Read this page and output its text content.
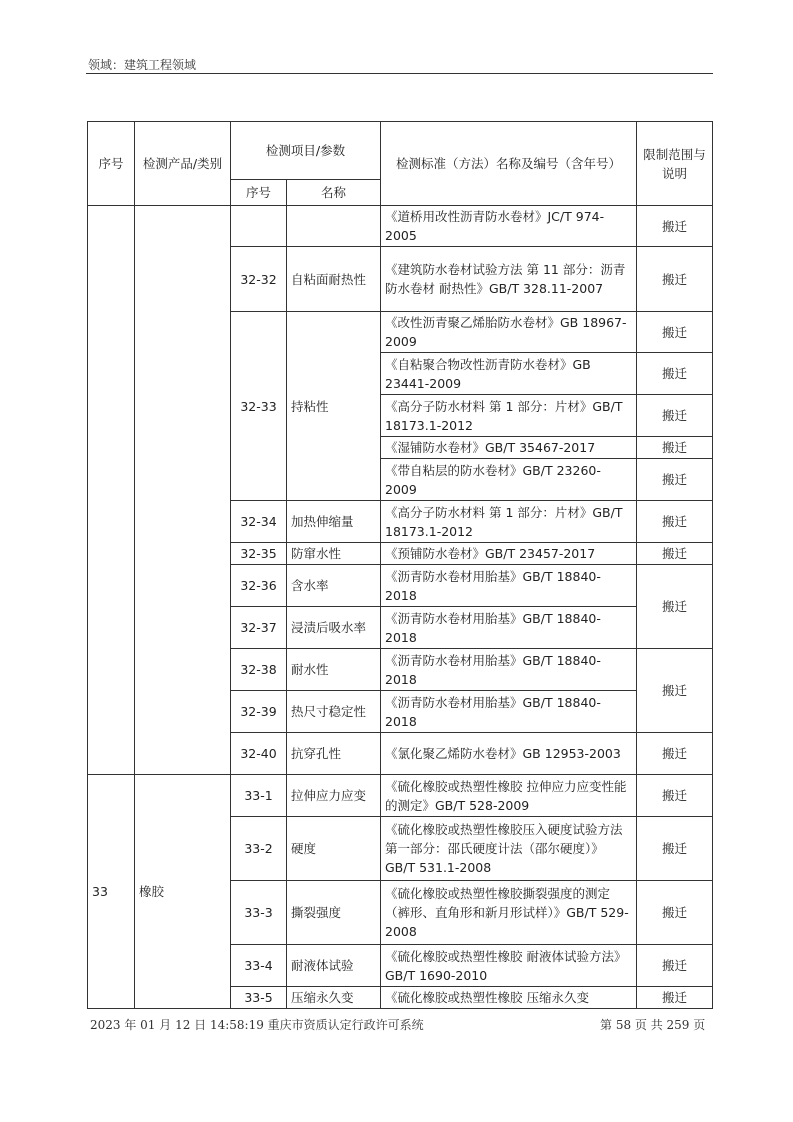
领域：建筑工程领域
序号	检测产品/类别	检测项目/参数		检测标准（方法）名称及编号（含年号）	限制范围与说明
		序号	名称		
				《道桥用改性沥青防水卷材》JC/T 974-2005	搬迁
		32-32	自粘面耐热性	《建筑防水卷材试验方法 第 11 部分：沥青防水卷材 耐热性》GB/T 328.11-2007	搬迁
		32-33	持粘性	《改性沥青聚乙烯胎防水卷材》GB 18967-2009	搬迁
				《自粘聚合物改性沥青防水卷材》GB 23441-2009	搬迁
				《高分子防水材料 第 1 部分：片材》GB/T 18173.1-2012	搬迁
				《湿铺防水卷材》GB/T 35467-2017	搬迁
				《带自粘层的防水卷材》GB/T 23260-2009	搬迁
		32-34	加热伸缩量	《高分子防水材料 第 1 部分：片材》GB/T 18173.1-2012	搬迁
		32-35	防窜水性	《预铺防水卷材》GB/T 23457-2017	搬迁
		32-36	含水率	《沥青防水卷材用胎基》GB/T 18840-2018	搬迁
		32-37	浸渍后吸水率	《沥青防水卷材用胎基》GB/T 18840-2018	
		32-38	耐水性	《沥青防水卷材用胎基》GB/T 18840-2018	搬迁
		32-39	热尺寸稳定性	《沥青防水卷材用胎基》GB/T 18840-2018	
		32-40	抗穿孔性	《氯化聚乙烯防水卷材》GB 12953-2003	搬迁
33	橡胶	33-1	拉伸应力应变	《硫化橡胶或热塑性橡胶 拉伸应力应变性能的测定》GB/T 528-2009	搬迁
		33-2	硬度	《硫化橡胶或热塑性橡胶压入硬度试验方法第一部分：邵氏硬度计法（邵尔硬度）》GB/T 531.1-2008	搬迁
		33-3	撕裂强度	《硫化橡胶或热塑性橡胶撕裂强度的测定（裤形、直角形和新月形试样）》GB/T 529-2008	搬迁
		33-4	耐液体试验	《硫化橡胶或热塑性橡胶 耐液体试验方法》GB/T 1690-2010	搬迁
		33-5	压缩永久变	《硫化橡胶或热塑性橡胶 压缩永久变	搬迁
2023 年 01 月 12 日 14:58:19 重庆市资质认定行政许可系统	第 58 页 共 259 页
